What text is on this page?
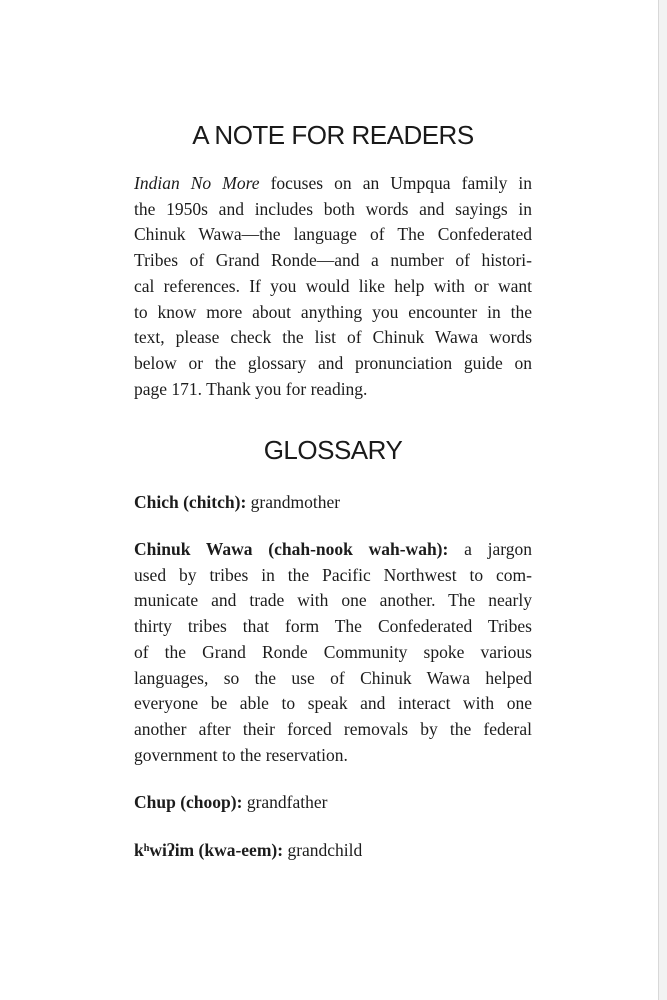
A NOTE FOR READERS

Indian No More focuses on an Umpqua family in
the 1950s and includes both words and sayings in
Chinuk Wawa—the language of The Confederated
Tribes of Grand Ronde—and a number of histori-
cal references. If you would like help with or want
to know more about anything you encounter in the
text, please check the list of Chinuk Wawa words
below or the glossary and pronunciation guide on
page 171. Thank you for reading.

GLOSSARY

Chich (chitch): grandmother

Chinuk Wawa (chah-nook wah-wah): a jargon
used by tribes in the Pacific Northwest to com-
municate and trade with one another. The nearly
thirty tribes that form The Confederated Tribes
of the Grand Ronde Community spoke various
languages, so the use of Chinuk Wawa helped
everyone be able to speak and interact with one
another after their forced removals by the federal
government to the reservation.

Chup (choop): grandfather

kʰwiʔim (kwa-eem): grandchild
